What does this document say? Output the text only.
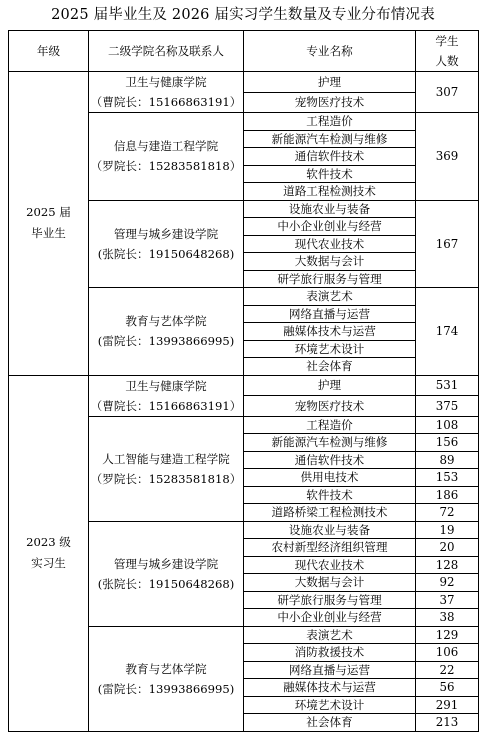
2025 届毕业生及 2026 届实习学生数量及专业分布情况表
年级	二级学院名称及联系人	专业名称	学生
人数

2025 届
毕业生	卫生与健康学院
（曹院长：15166863191）	护理	307
		宠物医疗技术	

	信息与建造工程学院
（罗院长：15283581818）	工程造价	369
		新能源汽车检测与维修	
		通信软件技术	
		软件技术	
		道路工程检测技术	

	管理与城乡建设学院
(张院长：19150648268)	设施农业与装备	167
		中小企业创业与经营	
		现代农业技术	
		大数据与会计	
		研学旅行服务与管理	

	教育与艺体学院
(雷院长：13993866995)	表演艺术	174
		网络直播与运营	
		融媒体技术与运营	
		环境艺术设计	
		社会体育	

2023 级
实习生	卫生与健康学院
（曹院长：15166863191）	护理	531
		宠物医疗技术	375

	人工智能与建造工程学院
（罗院长：15283581818）	工程造价	108
		新能源汽车检测与维修	156
		通信软件技术	89
		供用电技术	153
		软件技术	186
		道路桥梁工程检测技术	72

	管理与城乡建设学院
(张院长：19150648268)	设施农业与装备	19
		农村新型经济组织管理	20
		现代农业技术	128
		大数据与会计	92
		研学旅行服务与管理	37
		中小企业创业与经营	38

	教育与艺体学院
(雷院长：13993866995)	表演艺术	129
		消防救援技术	106
		网络直播与运营	22
		融媒体技术与运营	56
		环境艺术设计	291
		社会体育	213
